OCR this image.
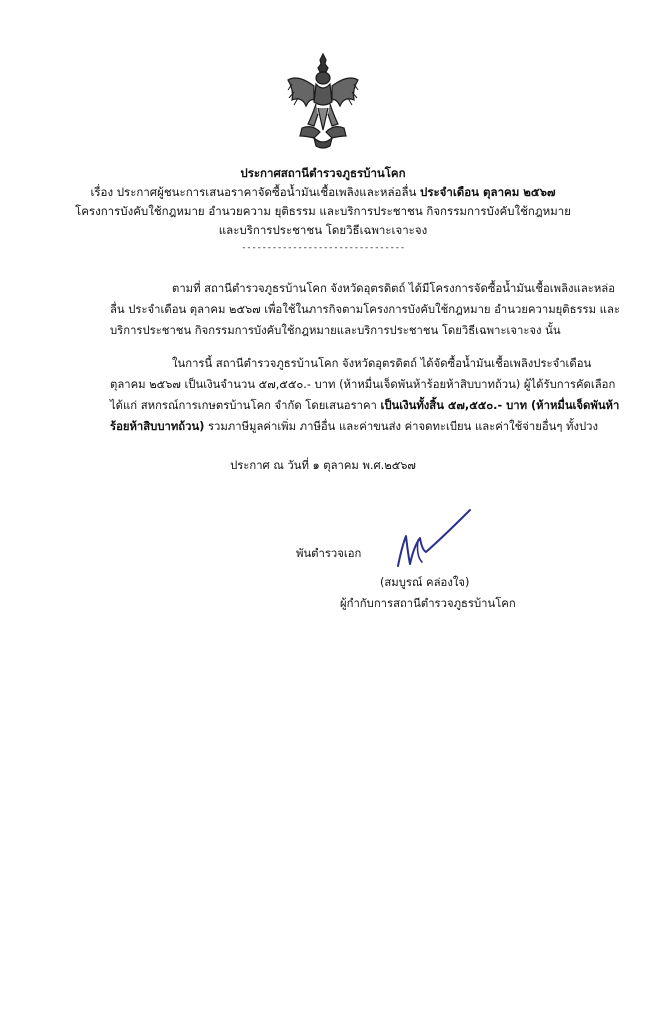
ประกาศสถานีตำรวจภูธรบ้านโคก
เรื่อง ประกาศผู้ชนะการเสนอราคาจัดซื้อน้ำมันเชื้อเพลิงและหล่อลื่น ประจำเดือน ตุลาคม ๒๕๖๗
โครงการบังคับใช้กฎหมาย อำนวยความ ยุติธรรม และบริการประชาชน กิจกรรมการบังคับใช้กฎหมาย
และบริการประชาชน โดยวิธีเฉพาะเจาะจง
--------------------------------
ตามที่ สถานีตำรวจภูธรบ้านโคก จังหวัดอุตรดิตถ์ ได้มีโครงการจัดซื้อน้ำมันเชื้อเพลิงและหล่อ
ลื่น ประจำเดือน ตุลาคม ๒๕๖๗ เพื่อใช้ในภารกิจตามโครงการบังคับใช้กฎหมาย อำนวยความยุติธรรม และ
บริการประชาชน กิจกรรมการบังคับใช้กฎหมายและบริการประชาชน โดยวิธีเฉพาะเจาะจง นั้น
ในการนี้ สถานีตำรวจภูธรบ้านโคก จังหวัดอุตรดิตถ์ ได้จัดซื้อน้ำมันเชื้อเพลิงประจำเดือน
ตุลาคม ๒๕๖๗ เป็นเงินจำนวน ๕๗,๕๕๐.- บาท (ห้าหมื่นเจ็ดพันห้าร้อยห้าสิบบาทถ้วน) ผู้ได้รับการคัดเลือก
ได้แก่ สหกรณ์การเกษตรบ้านโคก จำกัด โดยเสนอราคา เป็นเงินทั้งสิ้น ๕๗,๕๕๐.- บาท (ห้าหมื่นเจ็ดพันห้า
ร้อยห้าสิบบาทถ้วน) รวมภาษีมูลค่าเพิ่ม ภาษีอื่น และค่าขนส่ง ค่าจดทะเบียน และค่าใช้จ่ายอื่นๆ ทั้งปวง
ประกาศ ณ วันที่ ๑ ตุลาคม พ.ศ.๒๕๖๗
พันตำรวจเอก
(สมบูรณ์ คล่องใจ)
ผู้กำกับการสถานีตำรวจภูธรบ้านโคก
